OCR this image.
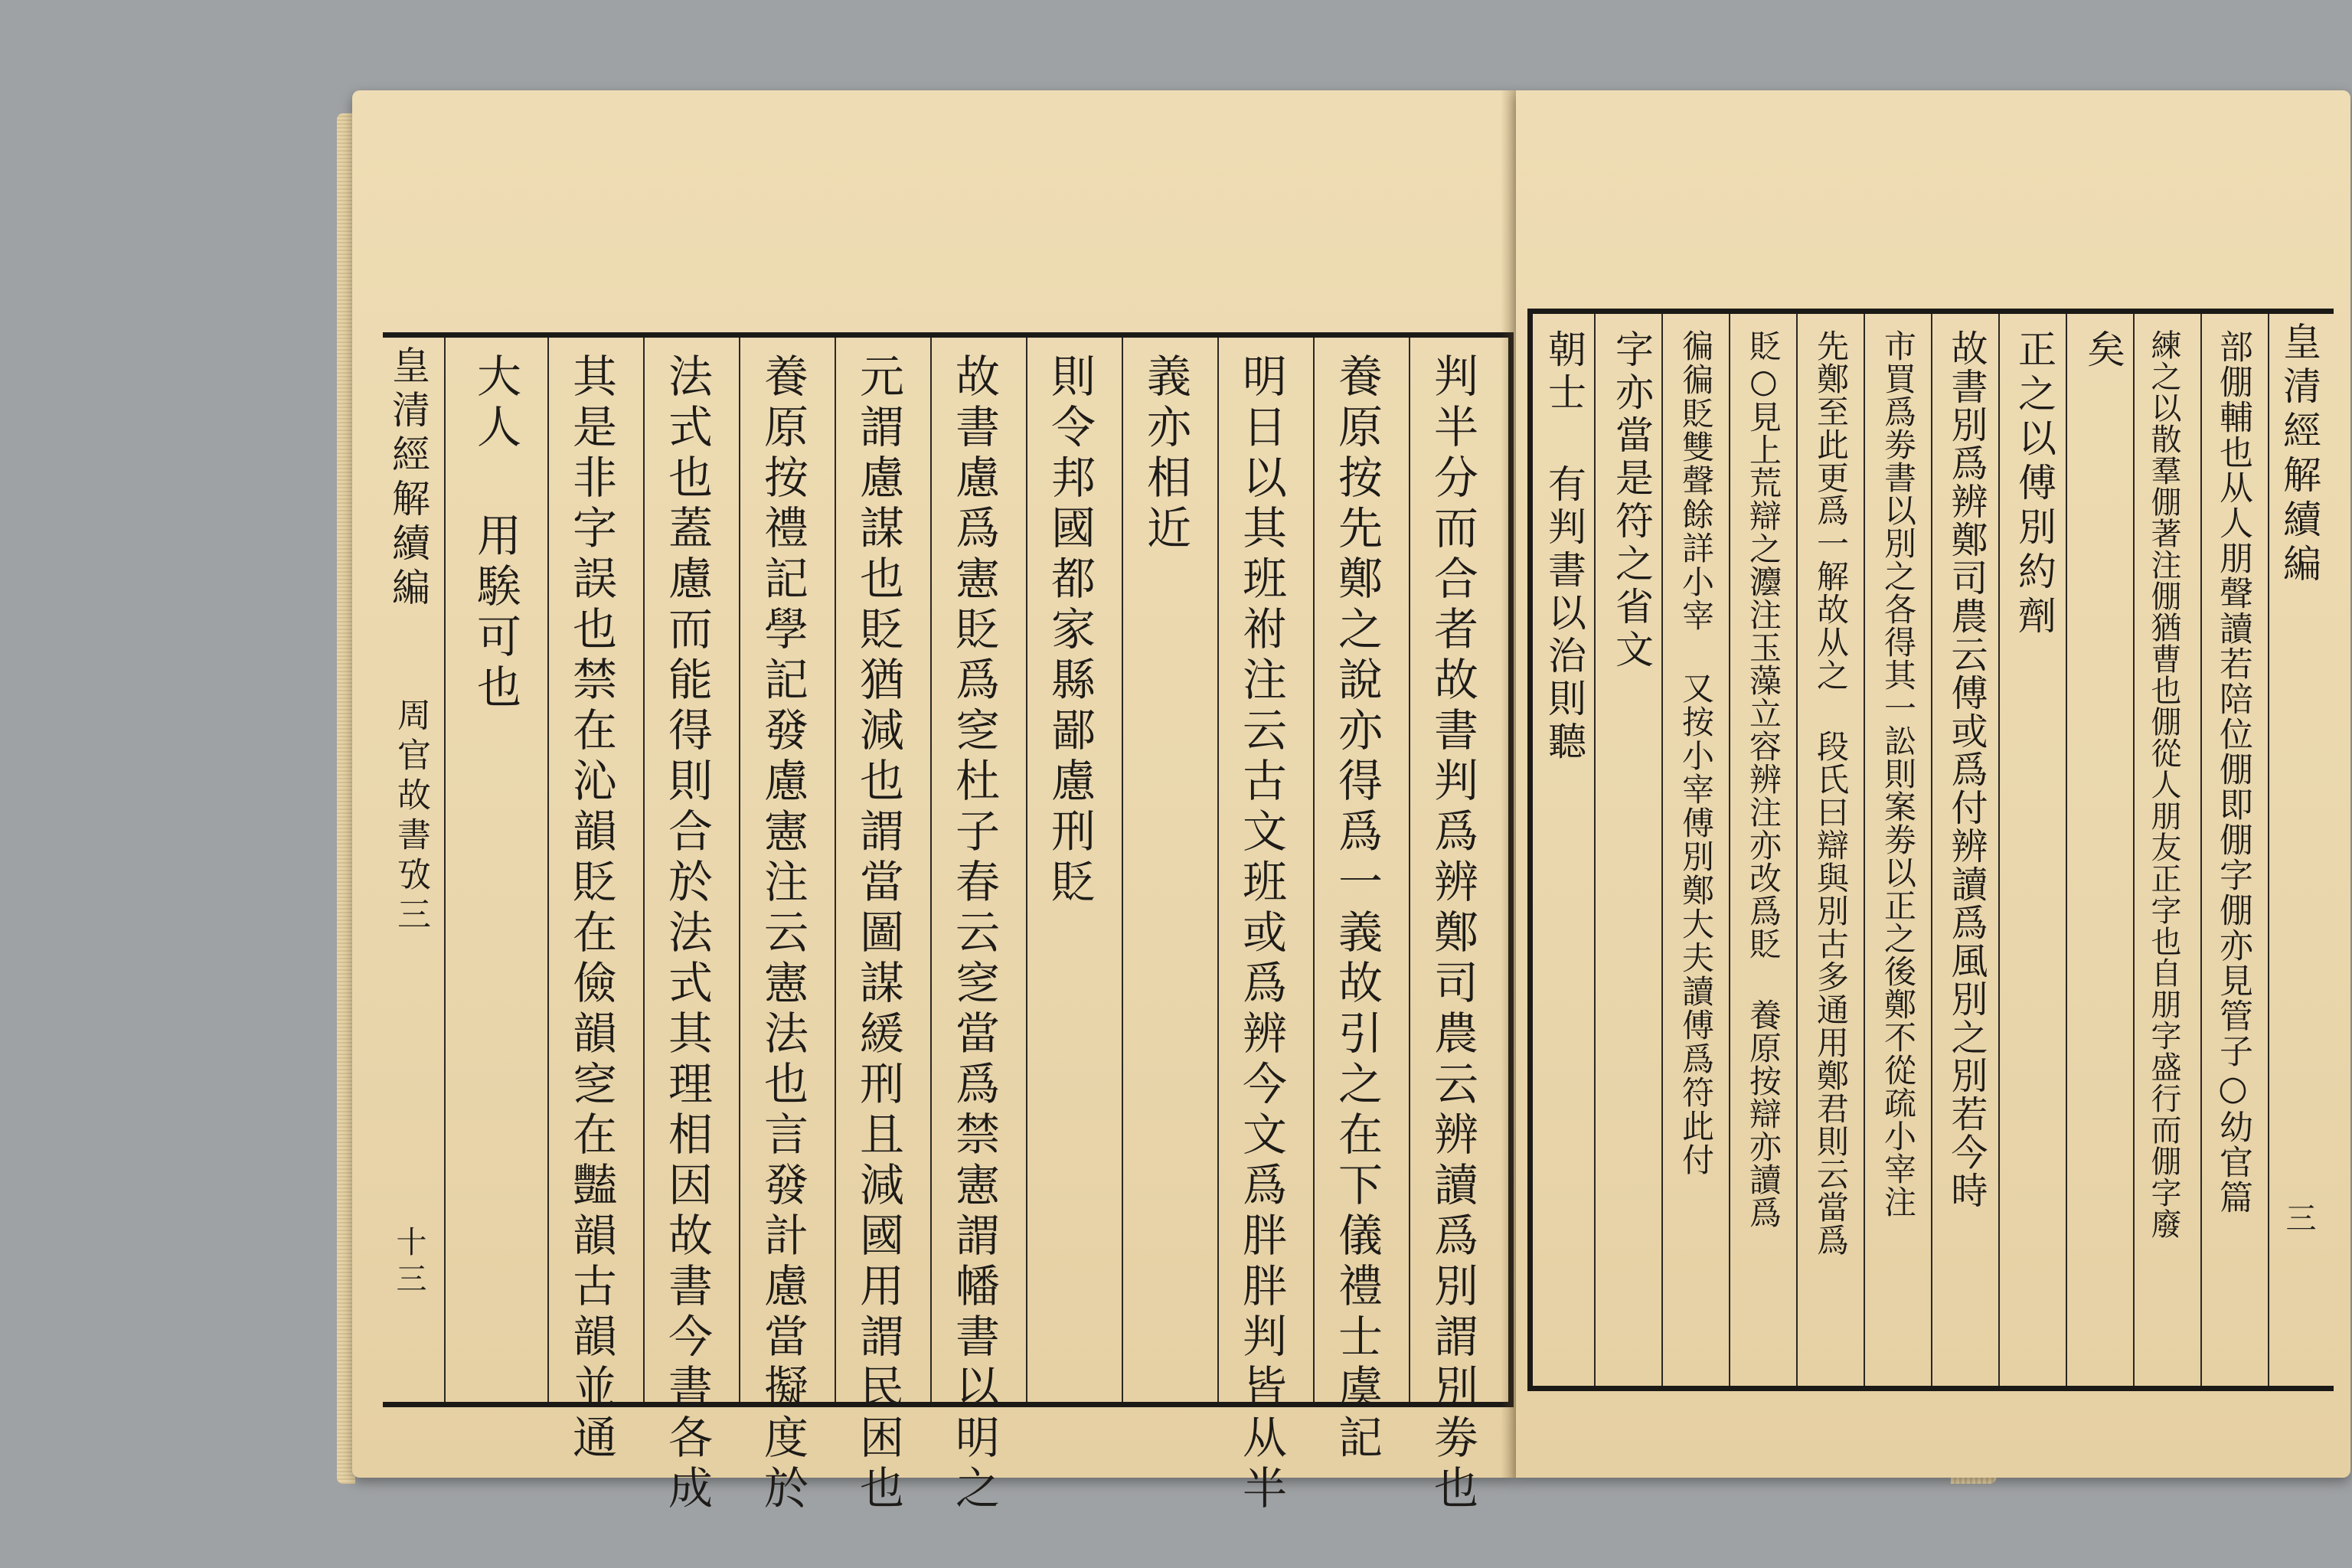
皇清經解續編
周官故書攷三
十三	判半分而合者故書判爲辨鄭司農云辨讀爲別謂別劵也
養原按先鄭之說亦得爲一義故引之在下儀禮士虞記
明日以其班祔注云古文班或爲辨今文爲胖胖判皆从半
義亦相近
則令邦國都家縣鄙慮刑貶
故書慮爲憲貶爲窆杜子春云窆當爲禁憲謂幡書以明之
元謂慮謀也貶猶減也謂當圖謀緩刑且減國用謂民困也
養原按禮記學記發慮憲注云憲法也言發計慮當擬度於
法式也蓋慮而能得則合於法式其理相因故書今書各成
其是非字誤也禁在沁韻貶在儉韻窆在豔韻古韻並通
大人 用騃可也	皇清經解續編
三
部倗輔也从人朋聲讀若陪位倗即倗字倗亦見管子○幼官篇
練之以散羣倗著注倗猶曹也倗從人朋友正字也自朋字盛行而倗字廢
矣
正之以傅別約劑
故書別爲辨鄭司農云傅或爲付辨讀爲風別之別若今時
市買爲劵書以別之各得其一訟則案劵以正之後鄭不從疏小宰注
先鄭至此更爲一解故从之 段氏曰辯與別古多通用鄭君則云當爲
貶○見上荒辯之灋注玉藻立容辨注亦改爲貶 養原按辯亦讀爲
徧徧貶雙聲餘詳小宰 又按小宰傅別鄭大夫讀傅爲符此付
字亦當是符之省文
朝士 有判書以治則聽
